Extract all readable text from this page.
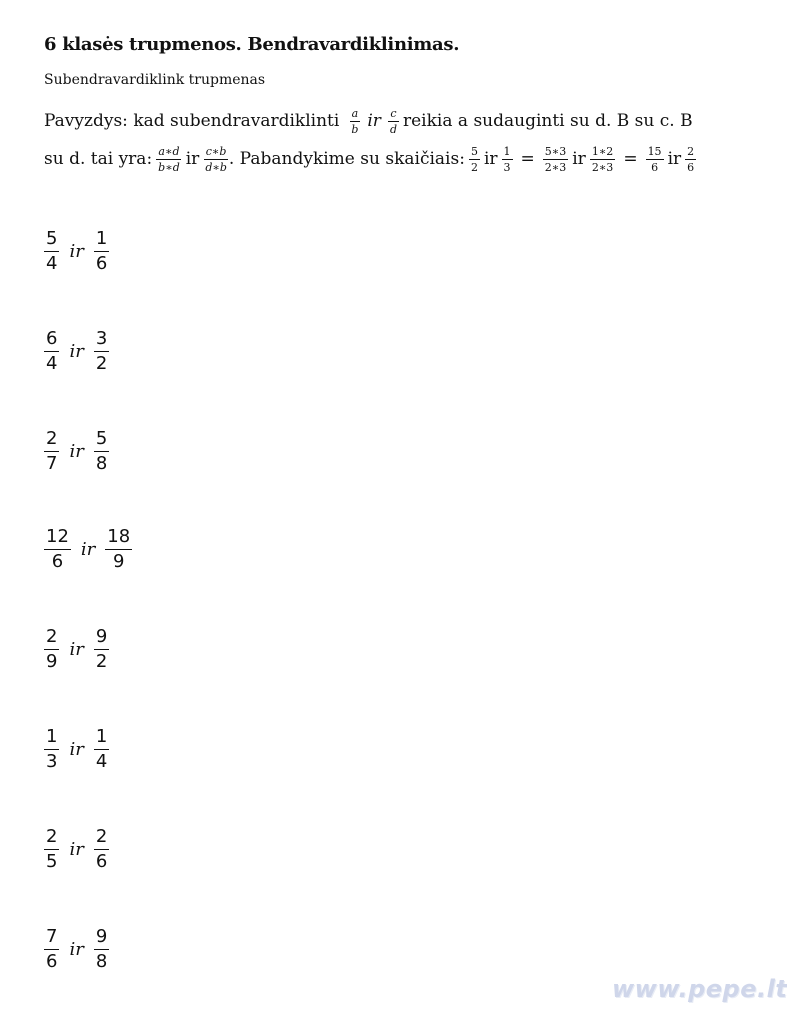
6 klasės trupmenos. Bendravardiklinimas.
Subendravardiklink trupmenas
Pavyzdys: kad subendravardiklinti $\frac{a}{b}$ ir $\frac{c}{d}$ reikia a sudauginti su d. B su c. B
su d. tai yra: $\frac{a∗d}{b∗d}$ ir $\frac{c∗b}{d∗b}$ . Pabandykime su skaičiais: $\frac{5}{2}$ ir $\frac{1}{3} = \frac{5∗3}{2∗3}$ ir $\frac{1∗2}{2∗3} = \frac{15}{6}$ ir $\frac{2}{6}$
$\frac{5}{4}$ ir $\frac{1}{6}$
$\frac{6}{4}$ ir $\frac{3}{2}$
$\frac{2}{7}$ ir $\frac{5}{8}$
$\frac{12}{6}$ ir $\frac{18}{9}$
$\frac{2}{9}$ ir $\frac{9}{2}$
$\frac{1}{3}$ ir $\frac{1}{4}$
$\frac{2}{5}$ ir $\frac{2}{6}$
$\frac{7}{6}$ ir $\frac{9}{8}$
www.pepe.lt
